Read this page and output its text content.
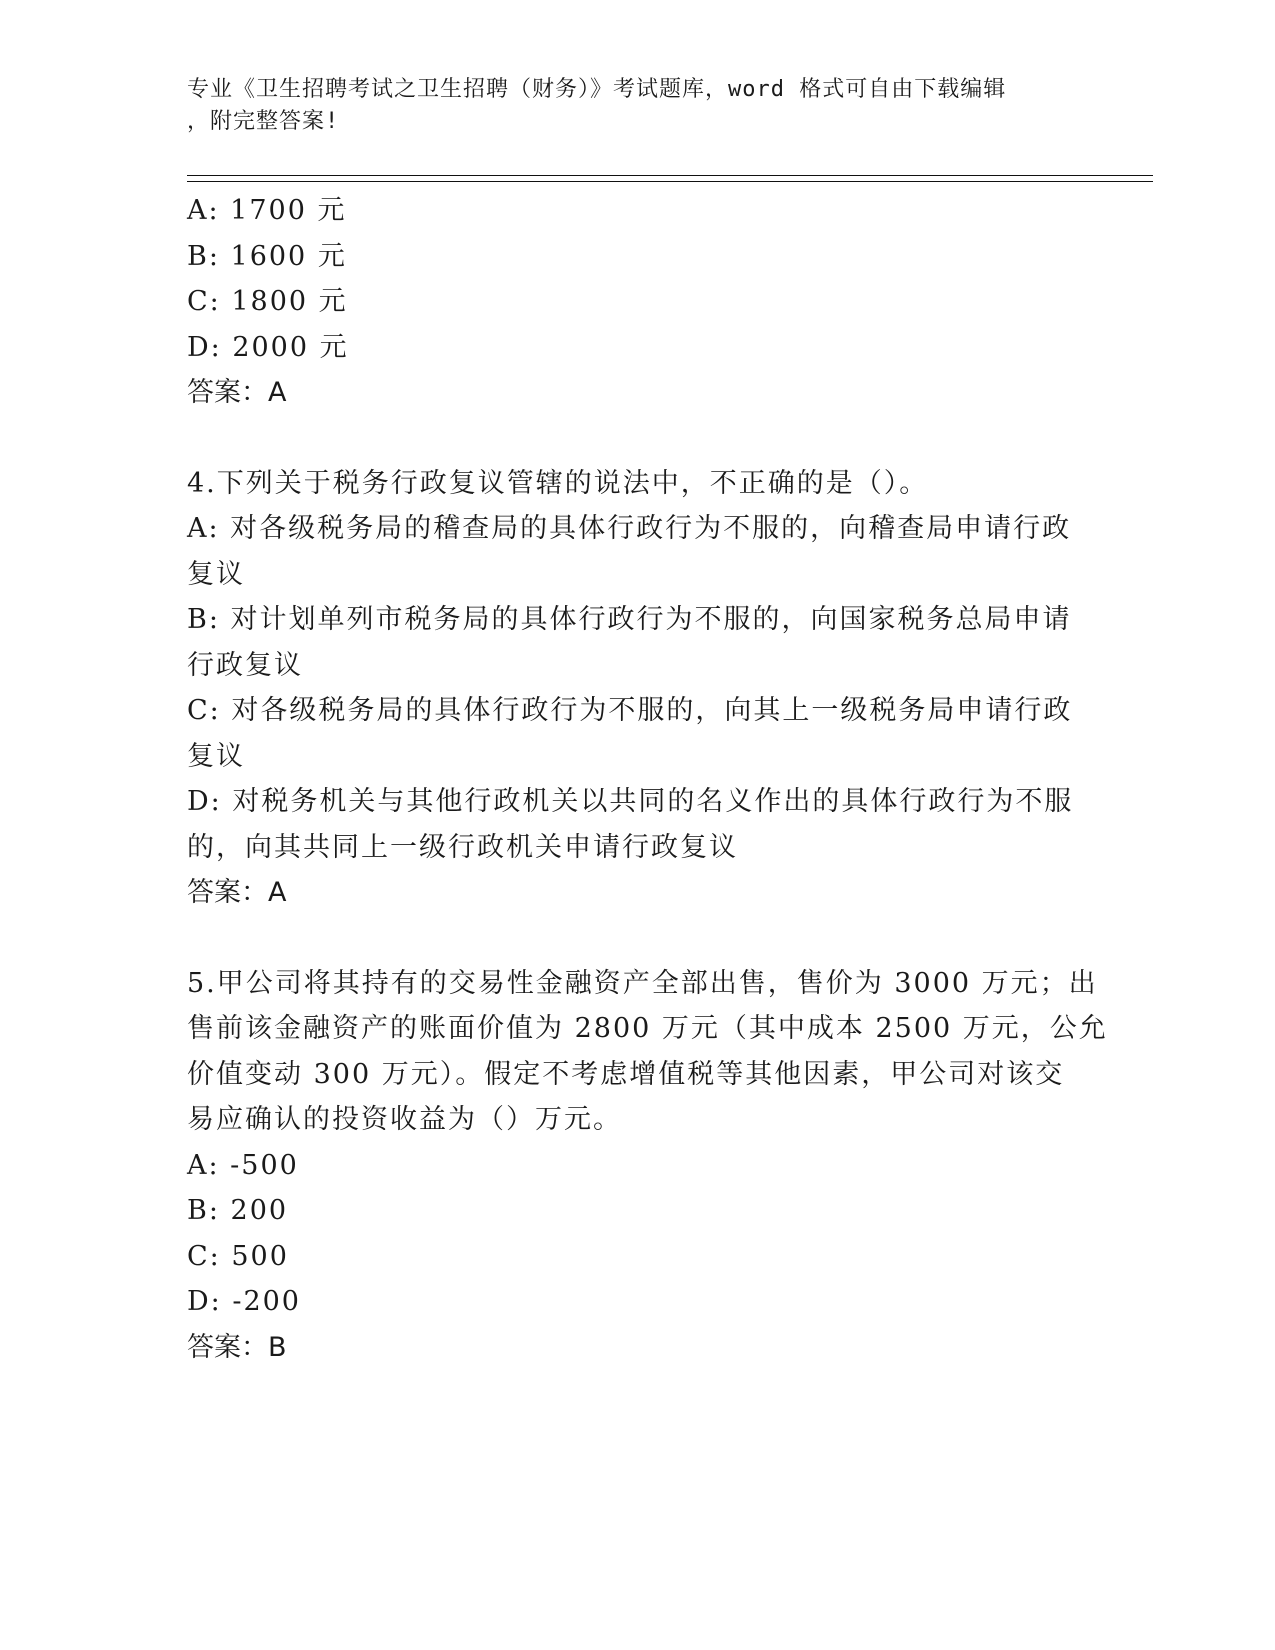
专业《卫生招聘考试之卫生招聘（财务）》考试题库，word 格式可自由下载编辑
，附完整答案!
A: 1700 元
B: 1600 元
C: 1800 元
D: 2000 元
答案：A
4.下列关于税务行政复议管辖的说法中，不正确的是（）。
A: 对各级税务局的稽查局的具体行政行为不服的，向稽查局申请行政
复议
B: 对计划单列市税务局的具体行政行为不服的，向国家税务总局申请
行政复议
C: 对各级税务局的具体行政行为不服的，向其上一级税务局申请行政
复议
D: 对税务机关与其他行政机关以共同的名义作出的具体行政行为不服
的，向其共同上一级行政机关申请行政复议
答案：A
5.甲公司将其持有的交易性金融资产全部出售，售价为 3000 万元；出
售前该金融资产的账面价值为 2800 万元（其中成本 2500 万元，公允
价值变动 300 万元）。假定不考虑增值税等其他因素，甲公司对该交
易应确认的投资收益为（）万元。
A: -500
B: 200
C: 500
D: -200
答案：B
